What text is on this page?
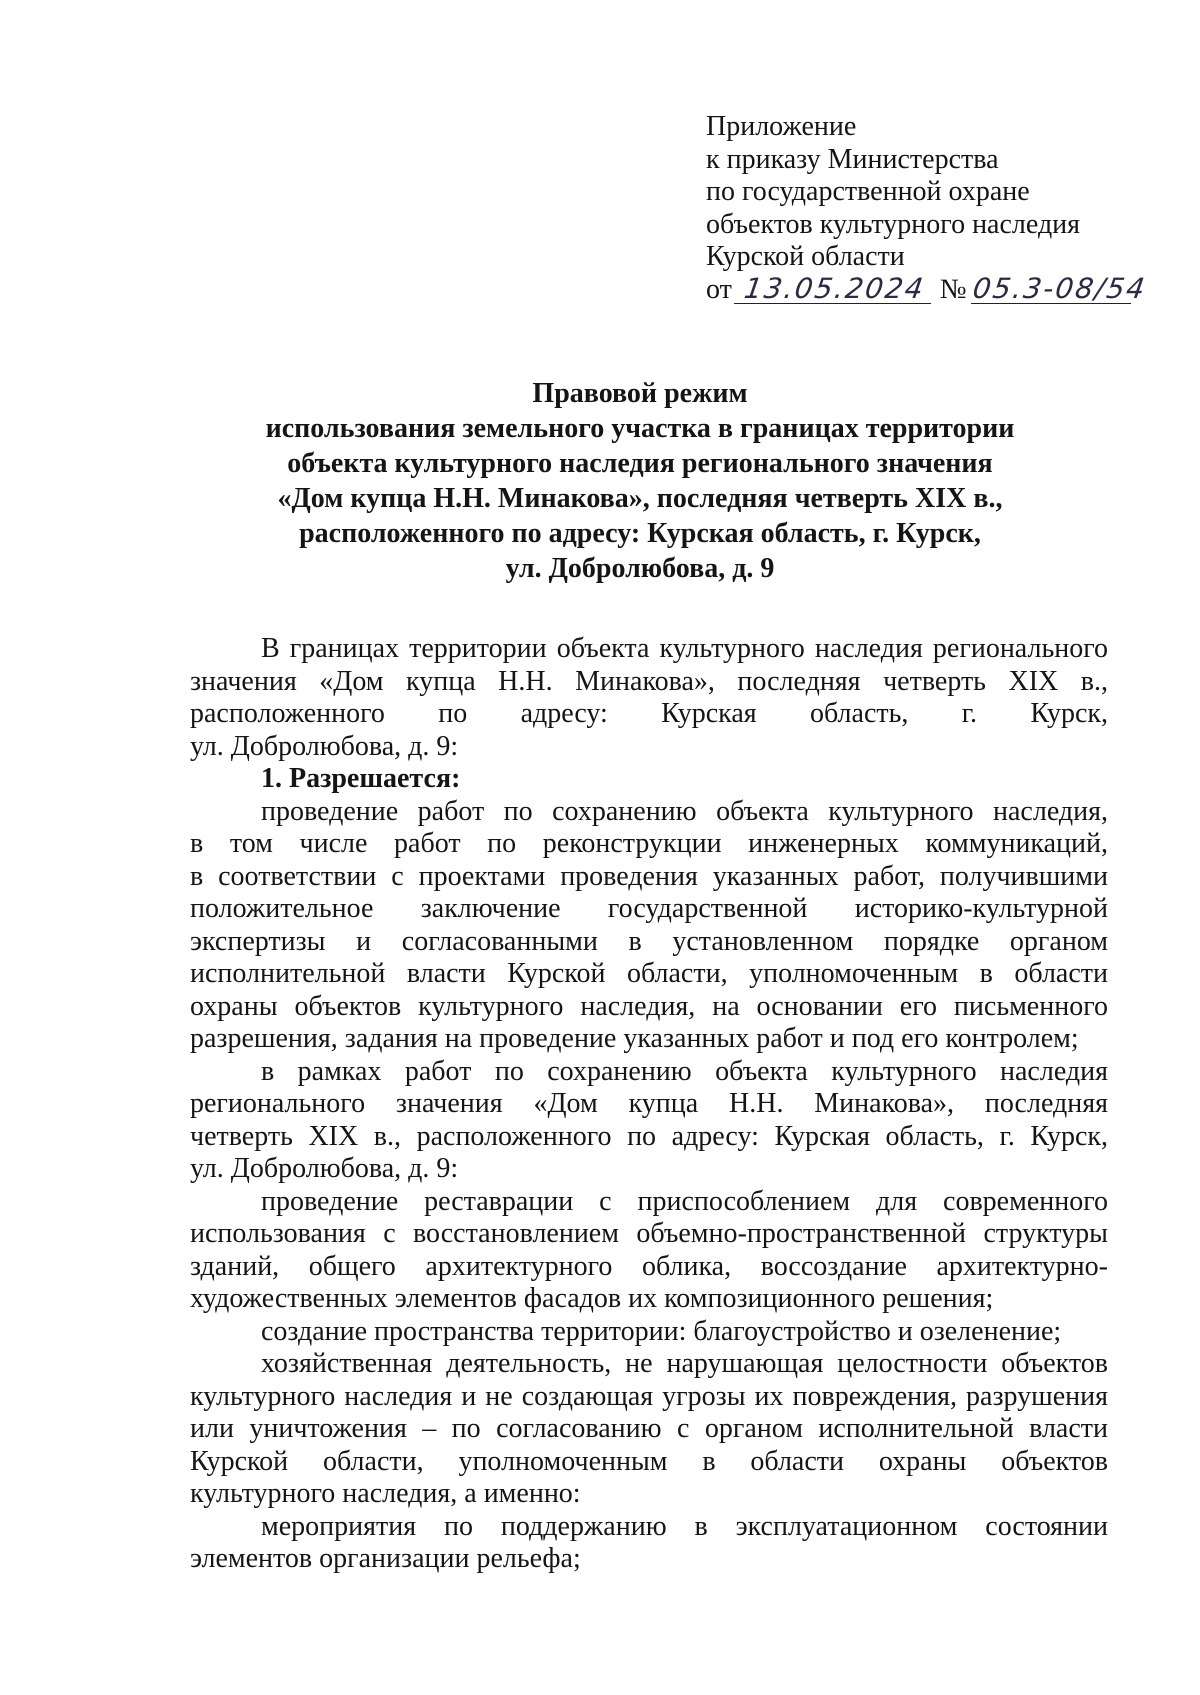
Приложение
к приказу Министерства
по государственной охране
объектов культурного наследия
Курской области
от 13.05.2024 № 05.3-08/54
Правовой режим
использования земельного участка в границах территории
объекта культурного наследия регионального значения
«Дом купца Н.Н. Минакова», последняя четверть XIX в.,
расположенного по адресу: Курская область, г. Курск,
ул. Добролюбова, д. 9
В границах территории объекта культурного наследия регионального
значения «Дом купца Н.Н. Минакова», последняя четверть XIX в.,
расположенного по адресу: Курская область, г. Курск,
ул. Добролюбова, д. 9:
1. Разрешается:
проведение работ по сохранению объекта культурного наследия,
в том числе работ по реконструкции инженерных коммуникаций,
в соответствии с проектами проведения указанных работ, получившими
положительное заключение государственной историко-культурной
экспертизы и согласованными в установленном порядке органом
исполнительной власти Курской области, уполномоченным в области
охраны объектов культурного наследия, на основании его письменного
разрешения, задания на проведение указанных работ и под его контролем;
в рамках работ по сохранению объекта культурного наследия
регионального значения «Дом купца Н.Н. Минакова», последняя
четверть XIX в., расположенного по адресу: Курская область, г. Курск,
ул. Добролюбова, д. 9:
проведение реставрации с приспособлением для современного
использования с восстановлением объемно-пространственной структуры
зданий, общего архитектурного облика, воссоздание архитектурно-
художественных элементов фасадов их композиционного решения;
создание пространства территории: благоустройство и озеленение;
хозяйственная деятельность, не нарушающая целостности объектов
культурного наследия и не создающая угрозы их повреждения, разрушения
или уничтожения – по согласованию с органом исполнительной власти
Курской области, уполномоченным в области охраны объектов
культурного наследия, а именно:
мероприятия по поддержанию в эксплуатационном состоянии
элементов организации рельефа;
